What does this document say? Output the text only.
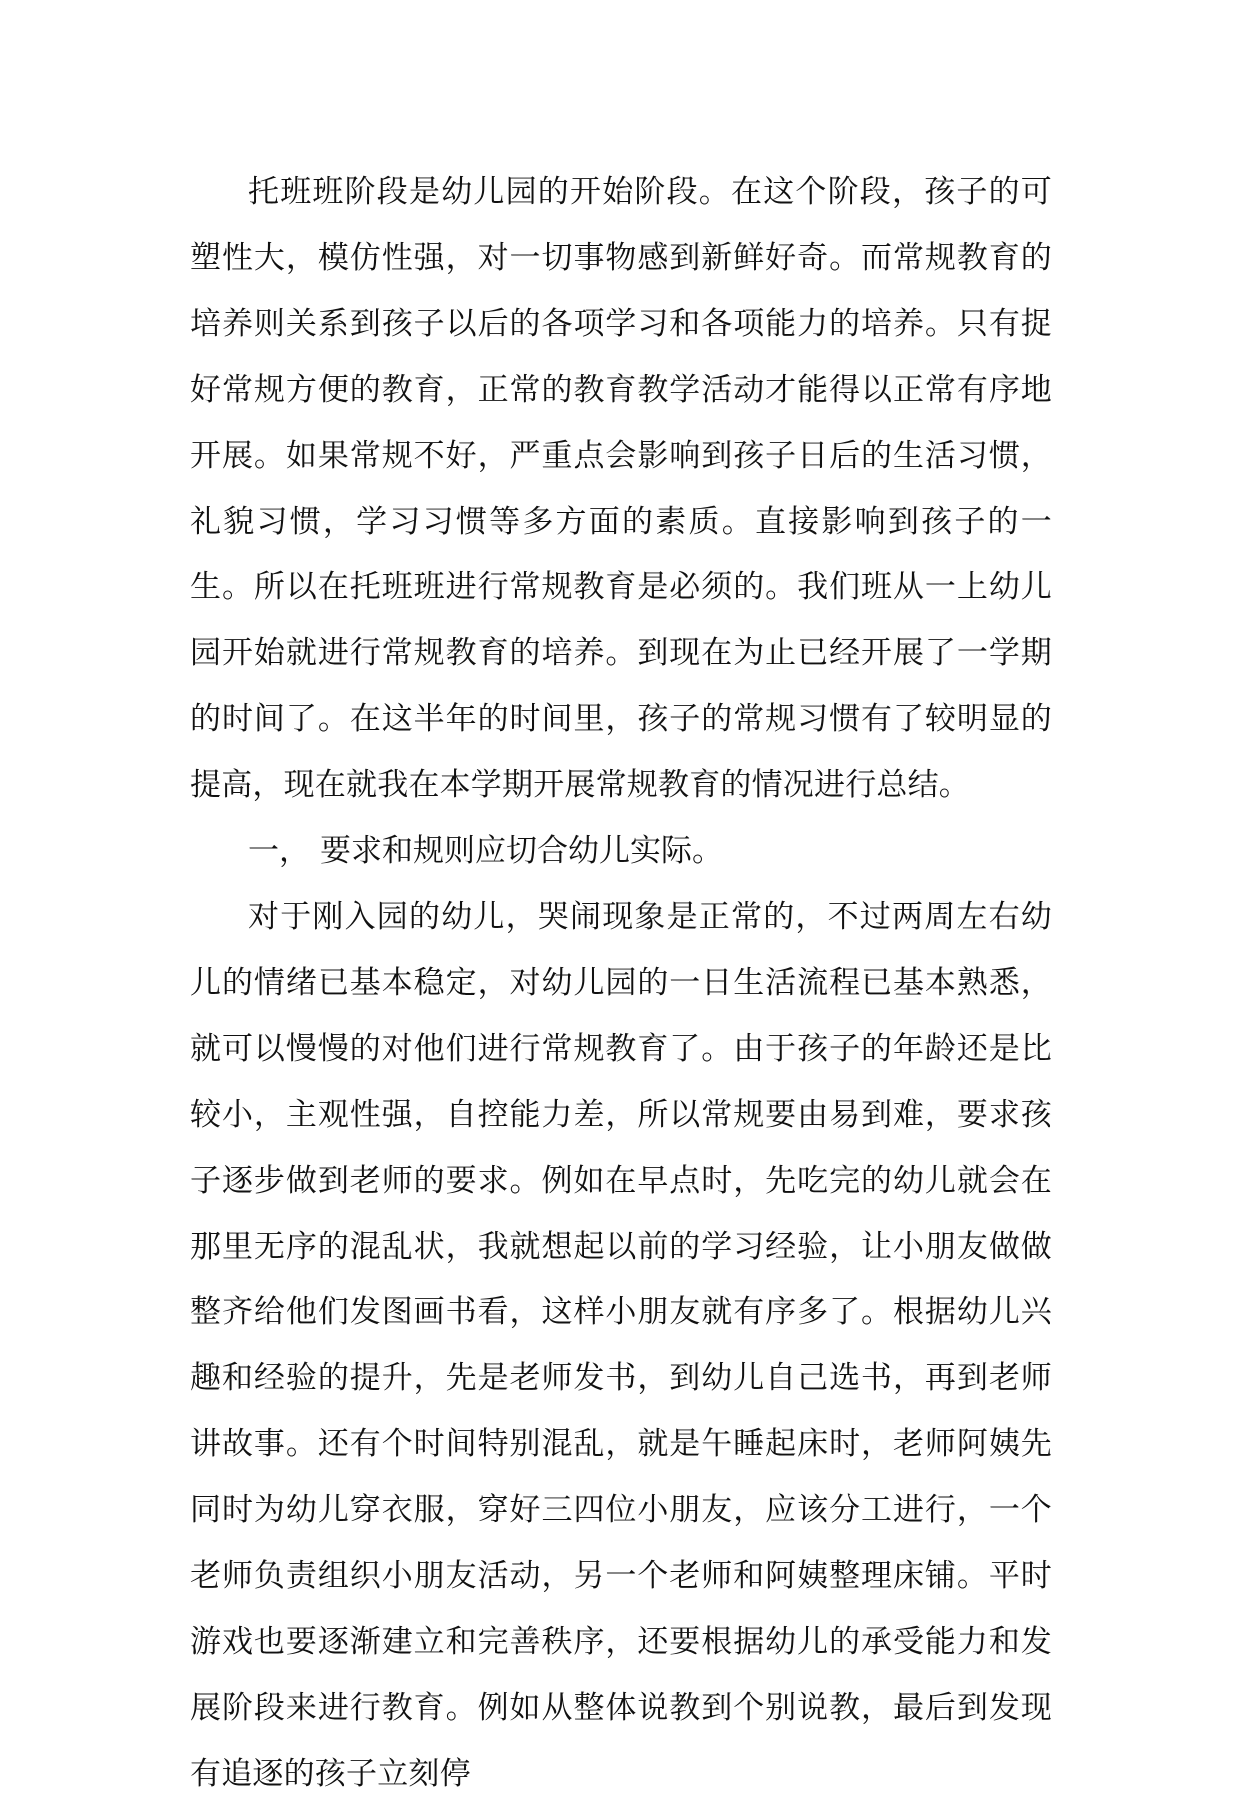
托班班阶段是幼儿园的开始阶段。在这个阶段，孩子的可塑性大，模仿性强，对一切事物感到新鲜好奇。而常规教育的培养则关系到孩子以后的各项学习和各项能力的培养。只有捉好常规方便的教育，正常的教育教学活动才能得以正常有序地开展。如果常规不好，严重点会影响到孩子日后的生活习惯，礼貌习惯，学习习惯等多方面的素质。直接影响到孩子的一生。所以在托班班进行常规教育是必须的。我们班从一上幼儿园开始就进行常规教育的培养。到现在为止已经开展了一学期的时间了。在这半年的时间里，孩子的常规习惯有了较明显的提高，现在就我在本学期开展常规教育的情况进行总结。

一， 要求和规则应切合幼儿实际。

对于刚入园的幼儿，哭闹现象是正常的，不过两周左右幼儿的情绪已基本稳定，对幼儿园的一日生活流程已基本熟悉，就可以慢慢的对他们进行常规教育了。由于孩子的年龄还是比较小，主观性强，自控能力差，所以常规要由易到难，要求孩子逐步做到老师的要求。例如在早点时，先吃完的幼儿就会在那里无序的混乱状，我就想起以前的学习经验，让小朋友做做整齐给他们发图画书看，这样小朋友就有序多了。根据幼儿兴趣和经验的提升，先是老师发书，到幼儿自己选书，再到老师讲故事。还有个时间特别混乱，就是午睡起床时，老师阿姨先同时为幼儿穿衣服，穿好三四位小朋友，应该分工进行，一个老师负责组织小朋友活动，另一个老师和阿姨整理床铺。平时游戏也要逐渐建立和完善秩序，还要根据幼儿的承受能力和发展阶段来进行教育。例如从整体说教到个别说教，最后到发现有追逐的孩子立刻停
